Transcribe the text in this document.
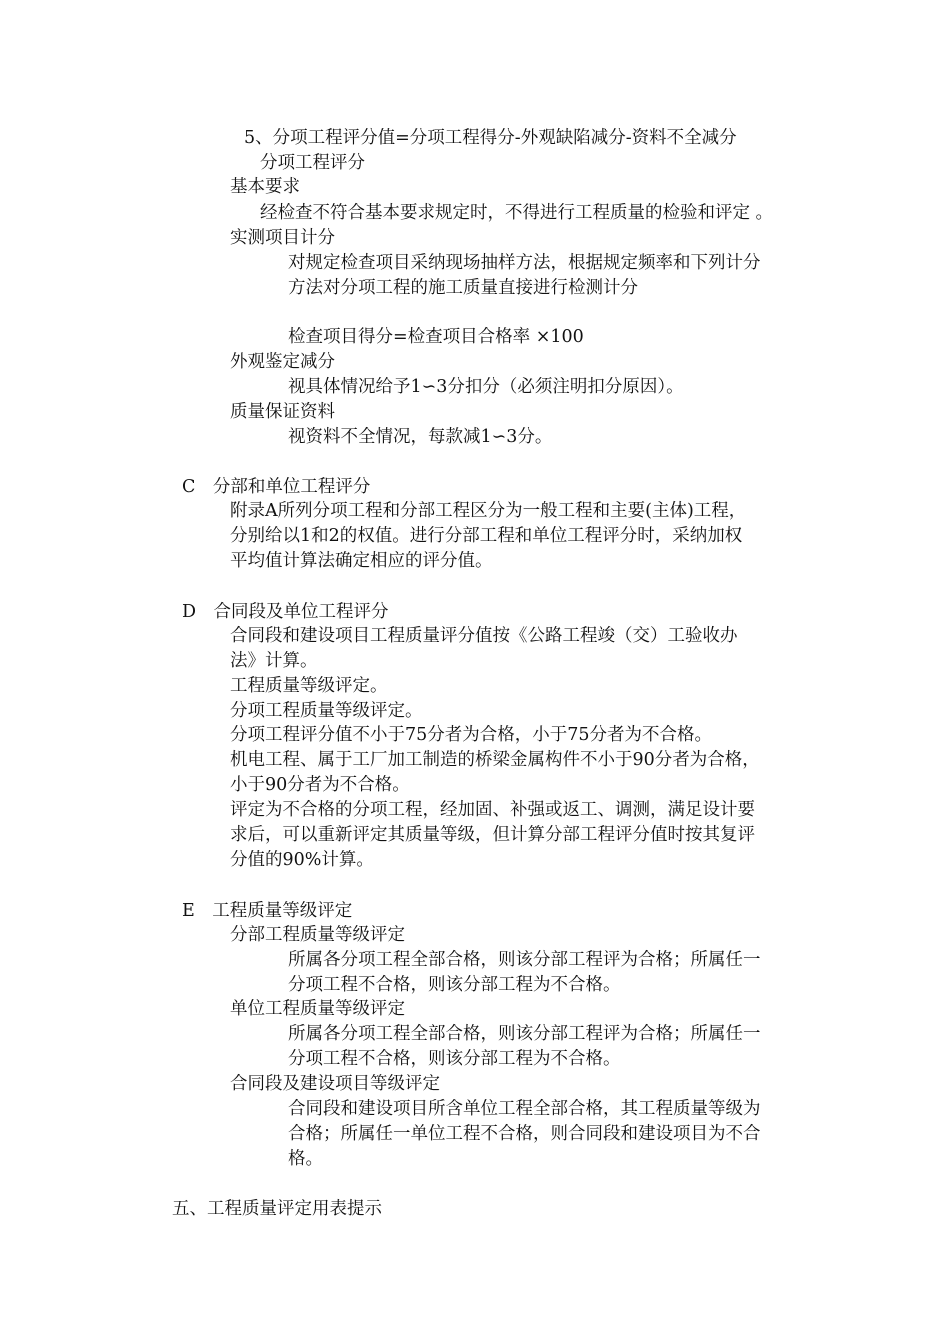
5、分项工程评分值=分项工程得分-外观缺陷减分-资料不全减分
分项工程评分
基本要求
经检查不符合基本要求规定时，不得进行工程质量的检验和评定 。
实测项目计分
对规定检查项目采纳现场抽样方法，根据规定频率和下列计分
方法对分项工程的施工质量直接进行检测计分
检查项目得分=检查项目合格率 ×100
外观鉴定减分
视具体情况给予1∽3分扣分（必须注明扣分原因）。
质量保证资料
视资料不全情况，每款减1∽3分。
C　分部和单位工程评分
附录A所列分项工程和分部工程区分为一般工程和主要(主体)工程，
分别给以1和2的权值。进行分部工程和单位工程评分时，采纳加权
平均值计算法确定相应的评分值。
D　合同段及单位工程评分
合同段和建设项目工程质量评分值按《公路工程竣（交）工验收办
法》计算。
工程质量等级评定。
分项工程质量等级评定。
分项工程评分值不小于75分者为合格，小于75分者为不合格。
机电工程、属于工厂加工制造的桥梁金属构件不小于90分者为合格，
小于90分者为不合格。
评定为不合格的分项工程，经加固、补强或返工、调测，满足设计要
求后，可以重新评定其质量等级，但计算分部工程评分值时按其复评
分值的90%计算。
E　工程质量等级评定
分部工程质量等级评定
所属各分项工程全部合格，则该分部工程评为合格；所属任一
分项工程不合格，则该分部工程为不合格。
单位工程质量等级评定
所属各分项工程全部合格，则该分部工程评为合格；所属任一
分项工程不合格，则该分部工程为不合格。
合同段及建设项目等级评定
合同段和建设项目所含单位工程全部合格，其工程质量等级为
合格；所属任一单位工程不合格，则合同段和建设项目为不合
格。
五、工程质量评定用表提示
